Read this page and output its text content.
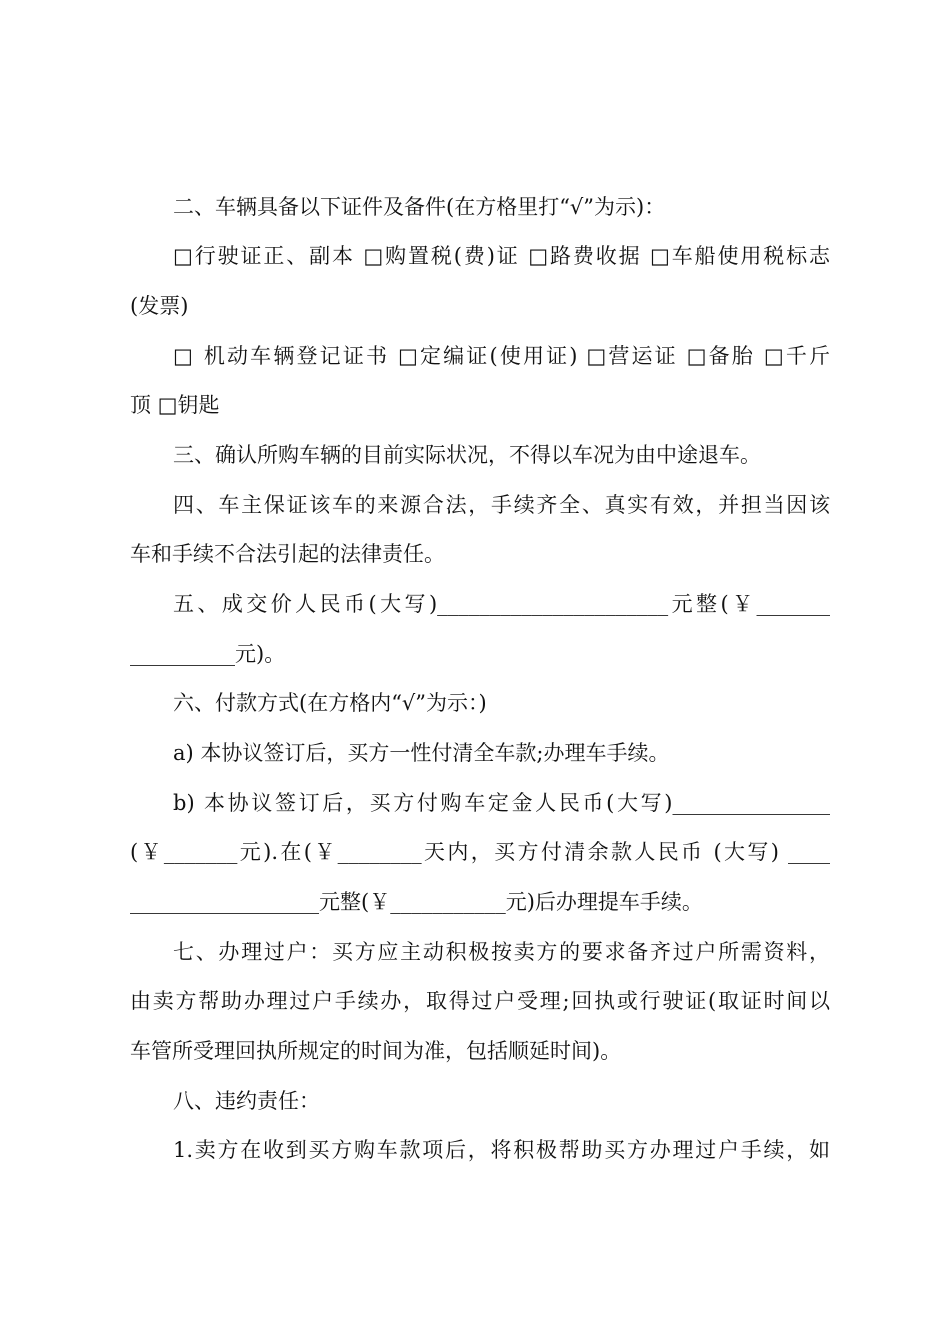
二、车辆具备以下证件及备件(在方格里打“√”为示)：
□行驶证正、副本 □购置税(费)证 □路费收据 □车船使用税标志
(发票)
□ 机动车辆登记证书 □定编证(使用证) □营运证 □备胎 □千斤
顶 □钥匙
三、确认所购车辆的目前实际状况，不得以车况为由中途退车。
四、车主保证该车的来源合法，手续齐全、真实有效，并担当因该
车和手续不合法引起的法律责任。
五、成交价人民币(大写)______________________元整(￥_______
__________元)。
六、付款方式(在方格内“√”为示：)
a) 本协议签订后，买方一性付清全车款;办理车手续。
b) 本协议签订后，买方付购车定金人民币(大写)_______________
(￥_______元).在(￥________天内，买方付清余款人民币 (大写) ____
__________________元整(￥___________元)后办理提车手续。
七、办理过户：买方应主动积极按卖方的要求备齐过户所需资料，
由卖方帮助办理过户手续办，取得过户受理;回执或行驶证(取证时间以
车管所受理回执所规定的时间为准，包括顺延时间)。
八、违约责任：
1.卖方在收到买方购车款项后，将积极帮助买方办理过户手续，如
